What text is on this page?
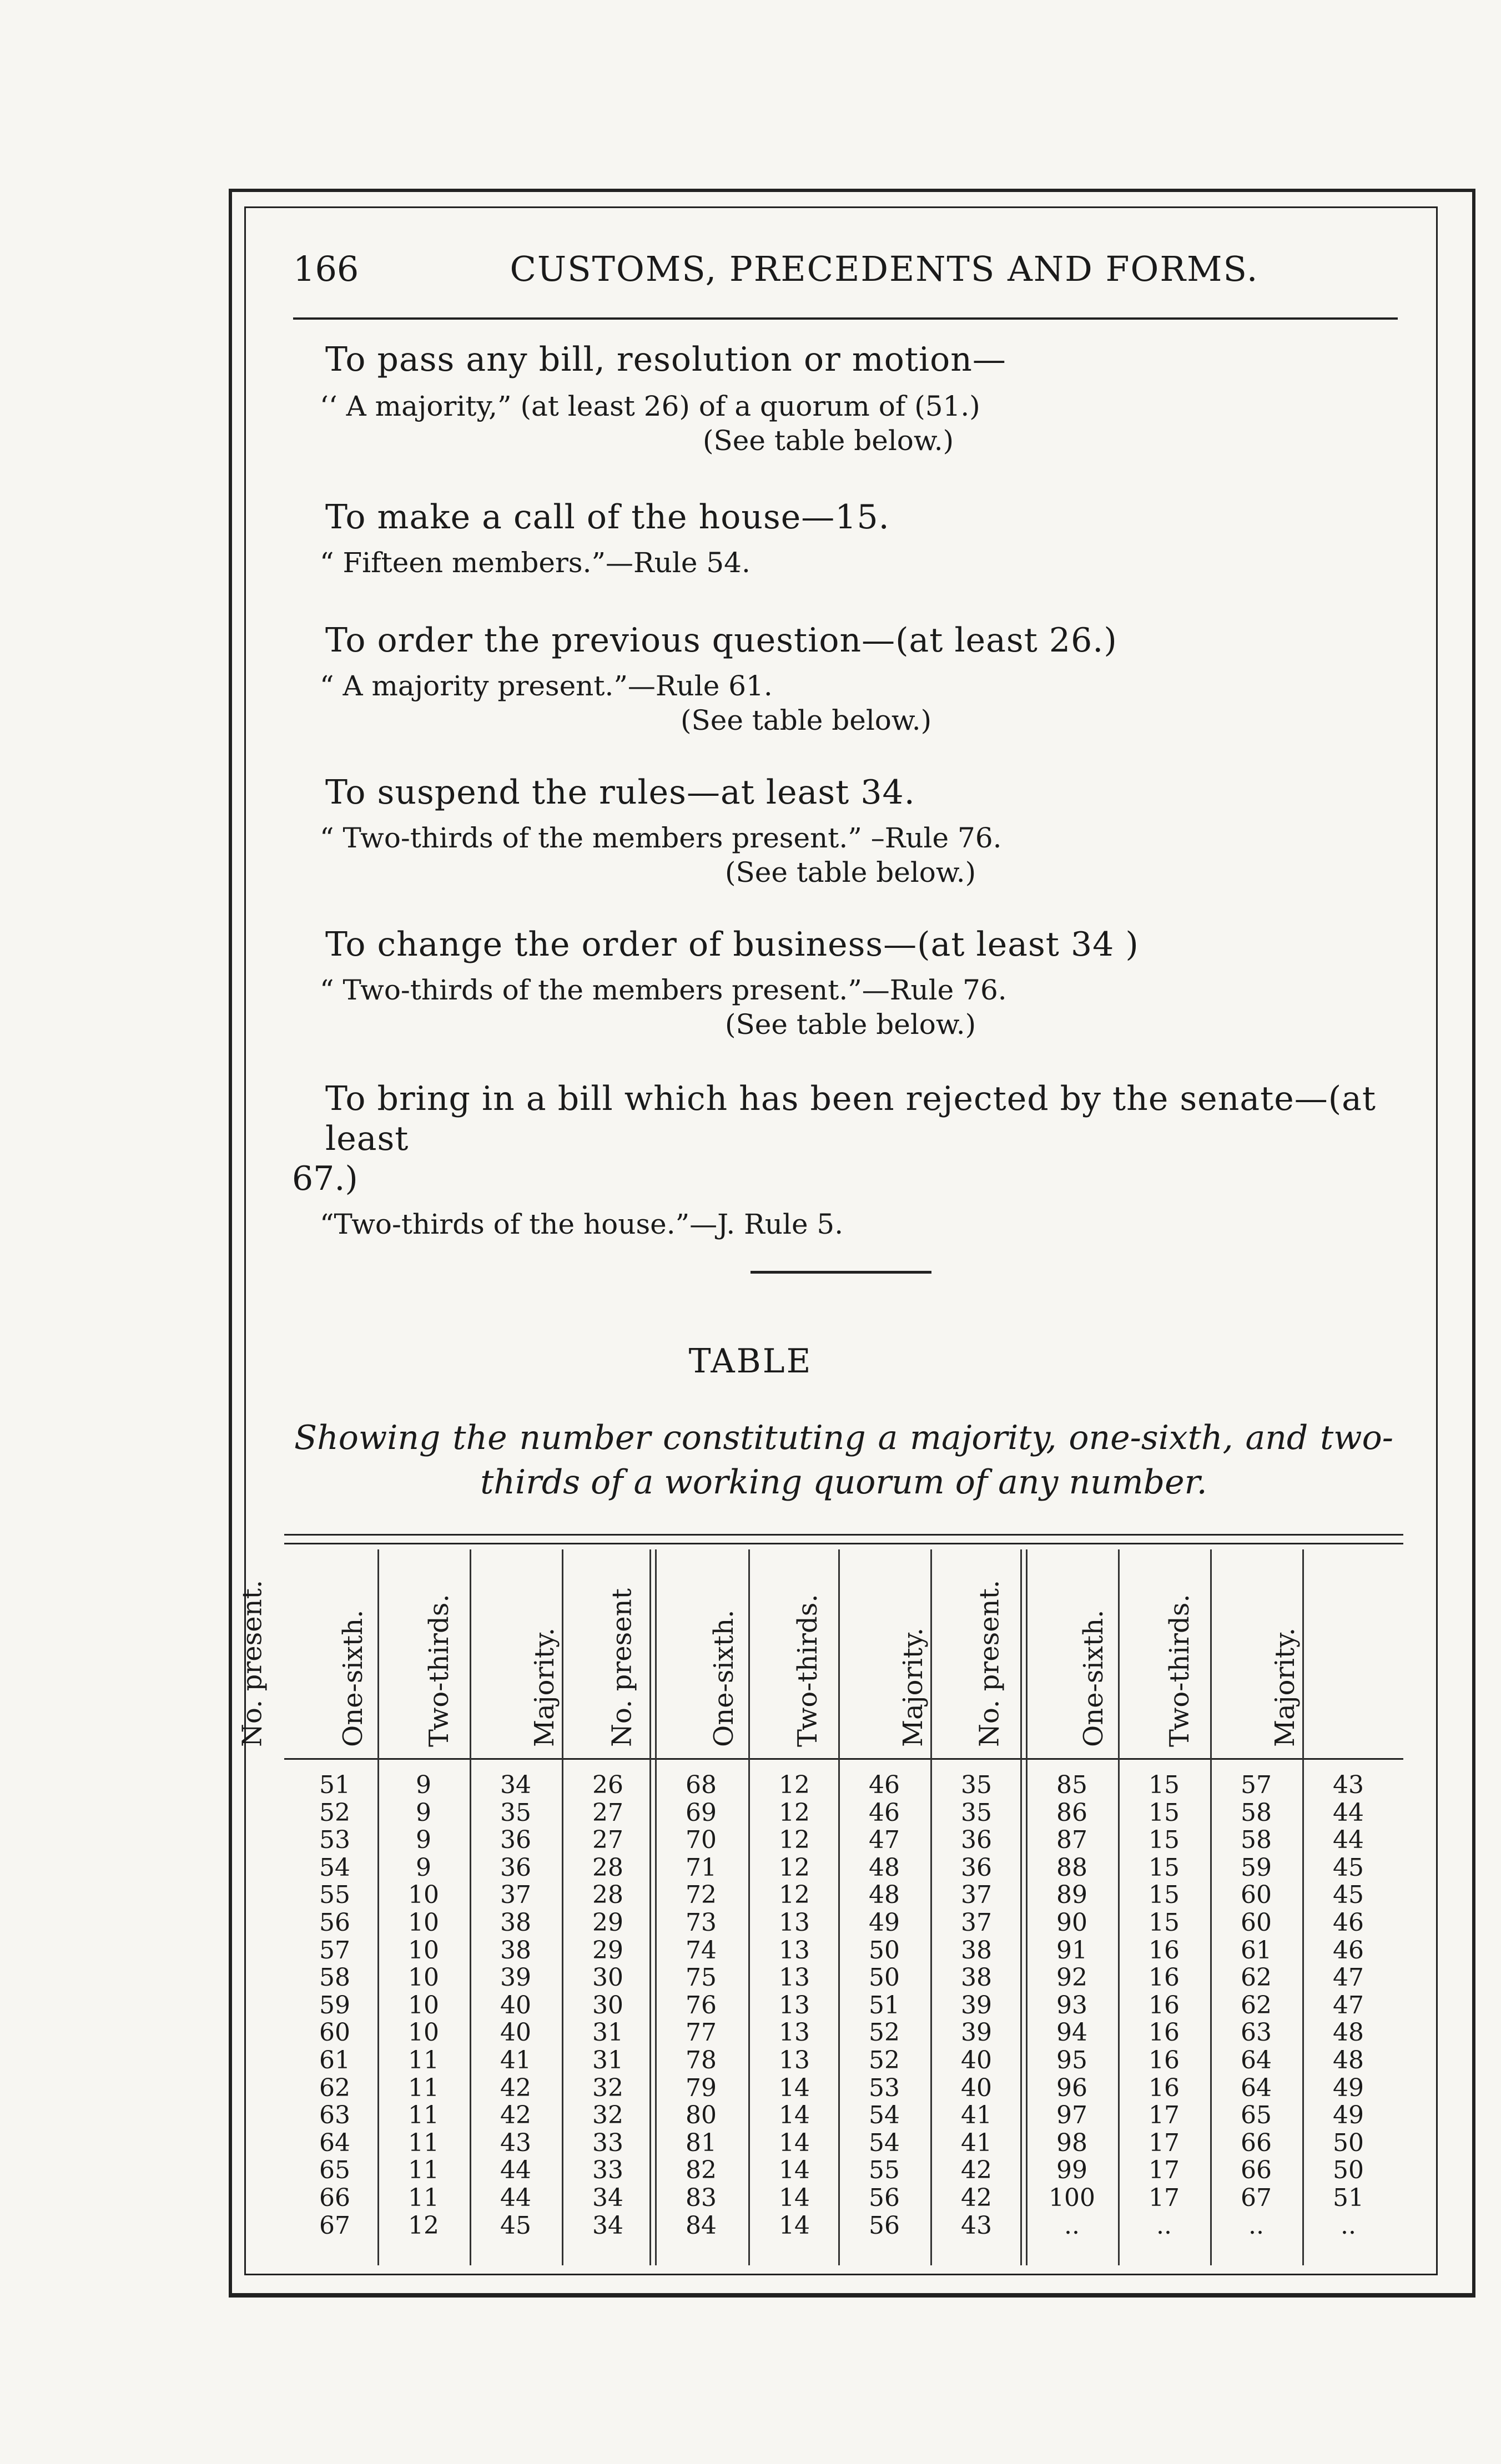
166	CUSTOMS, PRECEDENTS AND FORMS.
To pass any bill, resolution or motion—
‘‘ A majority,” (at least 26) of a quorum of (51.)
(See table below.)
To make a call of the house—15.
“ Fifteen members.”—Rule 54.
To order the previous question—(at least 26.)
“ A majority present.”—Rule 61.
(See table below.)
To suspend the rules—at least 34.
“ Two-thirds of the members present.” –Rule 76.
(See table below.)
To change the order of business—(at least 34 )
“ Two-thirds of the members present.”—Rule 76.
(See table below.)
To bring in a bill which has been rejected by the senate—(at least
67.)
“Two-thirds of the house.”—J. Rule 5.
TABLE
Showing the number constituting a majority, one-sixth, and two-
thirds of a working quorum of any number.
No. present.
51
52
53
54
55
56
57
58
59
60
61
62
63
64
65
66
67
One-sixth.
9
9
9
9
10
10
10
10
10
10
11
11
11
11
11
11
12
Two-thirds.
34
35
36
36
37
38
38
39
40
40
41
42
42
43
44
44
45
Majority.
26
27
27
28
28
29
29
30
30
31
31
32
32
33
33
34
34
No. present
68
69
70
71
72
73
74
75
76
77
78
79
80
81
82
83
84
One-sixth.
12
12
12
12
12
13
13
13
13
13
13
14
14
14
14
14
14
Two-thirds.
46
46
47
48
48
49
50
50
51
52
52
53
54
54
55
56
56
Majority.
35
35
36
36
37
37
38
38
39
39
40
40
41
41
42
42
43
No. present.
85
86
87
88
89
90
91
92
93
94
95
96
97
98
99
100
..
One-sixth.
15
15
15
15
15
15
16
16
16
16
16
16
17
17
17
17
..
Two-thirds.
57
58
58
59
60
60
61
62
62
63
64
64
65
66
66
67
..
Majority.
43
44
44
45
45
46
46
47
47
48
48
49
49
50
50
51
..
